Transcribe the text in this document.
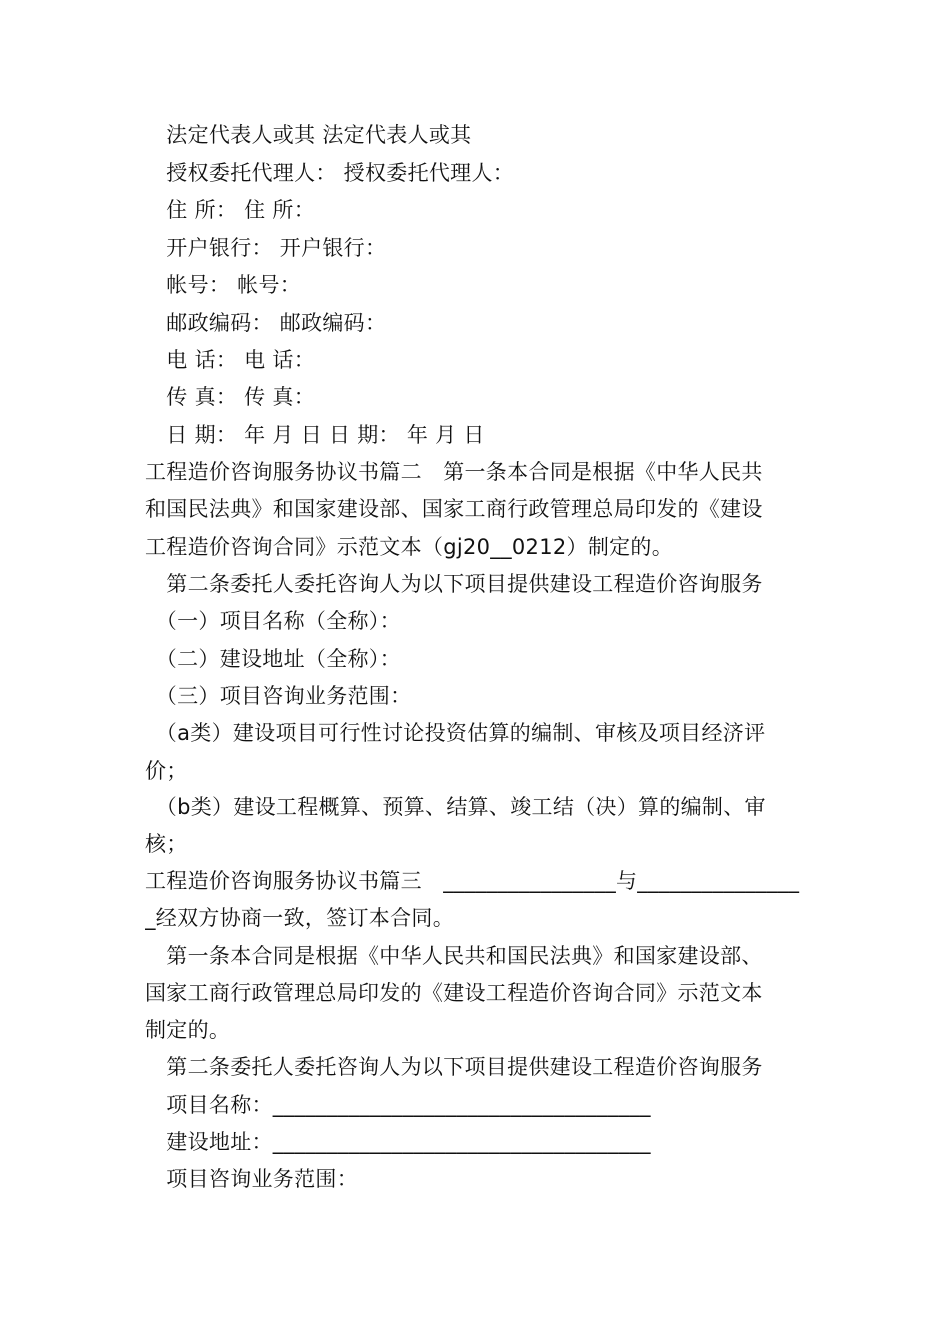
　法定代表人或其 法定代表人或其
　授权委托代理人： 授权委托代理人：
　住 所： 住 所：
　开户银行： 开户银行：
　帐号： 帐号：
　邮政编码： 邮政编码：
　电 话： 电 话：
　传 真： 传 真：
　日 期： 年 月 日 日 期： 年 月 日
工程造价咨询服务协议书篇二　第一条本合同是根据《中华人民共
和国民法典》和国家建设部、国家工商行政管理总局印发的《建设
工程造价咨询合同》示范文本（gj20__0212）制定的。
　第二条委托人委托咨询人为以下项目提供建设工程造价咨询服务
　（一）项目名称（全称）：
　（二）建设地址（全称）：
　（三）项目咨询业务范围：
　（a类）建设项目可行性讨论投资估算的编制、审核及项目经济评
价；
　（b类）建设工程概算、预算、结算、竣工结（决）算的编制、审
核；
工程造价咨询服务协议书篇三　________________与_______________
_经双方协商一致，签订本合同。
　第一条本合同是根据《中华人民共和国民法典》和国家建设部、
国家工商行政管理总局印发的《建设工程造价咨询合同》示范文本
制定的。
　第二条委托人委托咨询人为以下项目提供建设工程造价咨询服务
　项目名称：___________________________________
　建设地址：___________________________________
　项目咨询业务范围：
